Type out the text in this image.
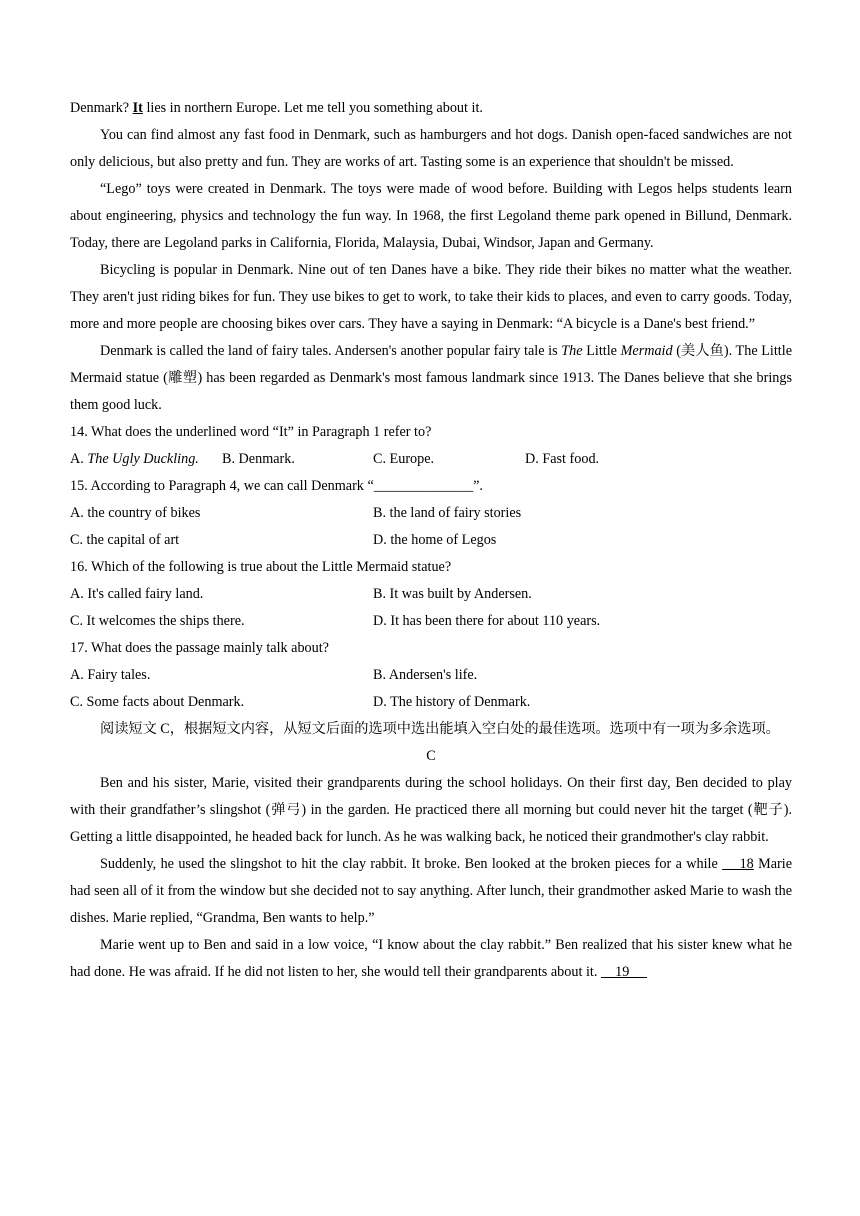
Denmark? It lies in northern Europe. Let me tell you something about it.

You can find almost any fast food in Denmark, such as hamburgers and hot dogs. Danish open-faced sandwiches are not only delicious, but also pretty and fun. They are works of art. Tasting some is an experience that shouldn't be missed.

“Lego” toys were created in Denmark. The toys were made of wood before. Building with Legos helps students learn about engineering, physics and technology the fun way. In 1968, the first Legoland theme park opened in Billund, Denmark. Today, there are Legoland parks in California, Florida, Malaysia, Dubai, Windsor, Japan and Germany.

Bicycling is popular in Denmark. Nine out of ten Danes have a bike. They ride their bikes no matter what the weather. They aren't just riding bikes for fun. They use bikes to get to work, to take their kids to places, and even to carry goods. Today, more and more people are choosing bikes over cars. They have a saying in Denmark: “A bicycle is a Dane's best friend.”

Denmark is called the land of fairy tales. Andersen's another popular fairy tale is The Little Mermaid (美人鱼). The Little Mermaid statue (雕塑) has been regarded as Denmark's most famous landmark since 1913. The Danes believe that she brings them good luck.

14. What does the underlined word “It” in Paragraph 1 refer to?

A. The Ugly Duckling.	B. Denmark.	C. Europe.	D. Fast food.

15. According to Paragraph 4, we can call Denmark “______________”.

A. the country of bikes	B. the land of fairy stories
C. the capital of art	D. the home of Legos

16. Which of the following is true about the Little Mermaid statue?

A. It's called fairy land.	B. It was built by Andersen.
C. It welcomes the ships there.	D. It has been there for about 110 years.

17. What does the passage mainly talk about?

A. Fairy tales.	B. Andersen's life.
C. Some facts about Denmark.	D. The history of Denmark.

阅读短文 C，根据短文内容，从短文后面的选项中选出能填入空白处的最佳选项。选项中有一项为多余选项。

C

Ben and his sister, Marie, visited their grandparents during the school holidays. On their first day, Ben decided to play with their grandfather’s slingshot (弹弓) in the garden. He practiced there all morning but could never hit the target (靶子). Getting a little disappointed, he headed back for lunch. As he was walking back, he noticed their grandmother's clay rabbit.

Suddenly, he used the slingshot to hit the clay rabbit. It broke. Ben looked at the broken pieces for a while     18 Marie had seen all of it from the window but she decided not to say anything. After lunch, their grandmother asked Marie to wash the dishes. Marie replied, “Grandma, Ben wants to help.”

Marie went up to Ben and said in a low voice, “I know about the clay rabbit.” Ben realized that his sister knew what he had done. He was afraid. If he did not listen to her, she would tell their grandparents about it.     19
